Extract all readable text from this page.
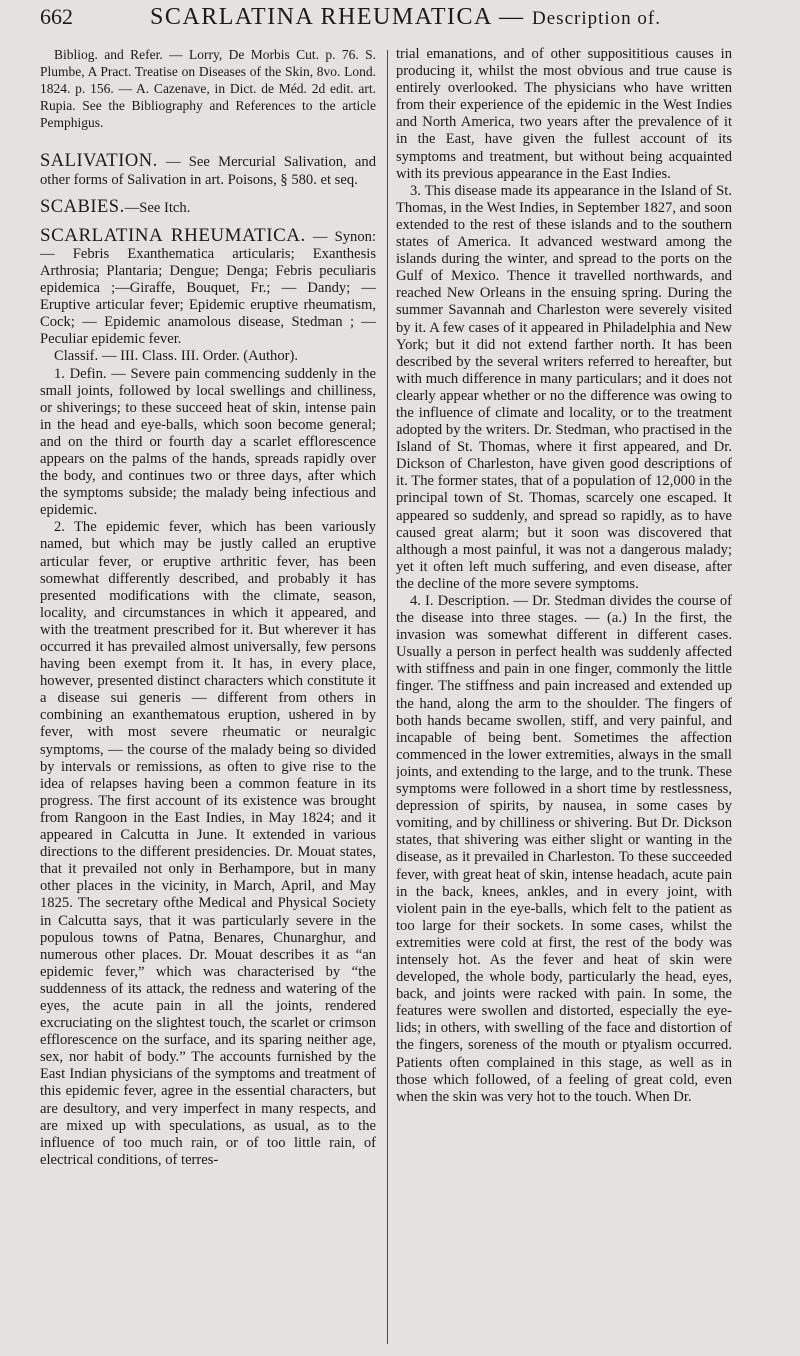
662	SCARLATINA RHEUMATICA — Description of.

Bibliog. and Refer. — Lorry, De Morbis Cut. p. 76. S. Plumbe, A Pract. Treatise on Diseases of the Skin, 8vo. Lond. 1824. p. 156. — A. Cazenave, in Dict. de Méd. 2d edit. art. Rupia. See the Bibliography and References to the article Pemphigus.

SALIVATION. — See Mercurial Salivation, and other forms of Salivation in art. Poisons, § 580. et seq.

SCABIES.—See Itch.

SCARLATINA RHEUMATICA. — Synon: — Febris Exanthematica articularis; Exanthesis Arthrosia; Plantaria; Dengue; Denga; Febris peculiaris epidemica ;—Giraffe, Bouquet, Fr.; — Dandy; — Eruptive articular fever; Epidemic eruptive rheumatism, Cock; — Epidemic anamolous disease, Stedman ; — Peculiar epidemic fever.

Classif. — III. Class. III. Order. (Author).

1. Defin. — Severe pain commencing suddenly in the small joints, followed by local swellings and chilliness, or shiverings; to these succeed heat of skin, intense pain in the head and eye-balls, which soon become general; and on the third or fourth day a scarlet efflorescence appears on the palms of the hands, spreads rapidly over the body, and continues two or three days, after which the symptoms subside; the malady being infectious and epidemic.

2. The epidemic fever, which has been variously named, but which may be justly called an eruptive articular fever, or eruptive arthritic fever, has been somewhat differently described, and probably it has presented modifications with the climate, season, locality, and circumstances in which it appeared, and with the treatment prescribed for it. But wherever it has occurred it has prevailed almost universally, few persons having been exempt from it. It has, in every place, however, presented distinct characters which constitute it a disease sui generis — different from others in combining an exanthematous eruption, ushered in by fever, with most severe rheumatic or neuralgic symptoms, — the course of the malady being so divided by intervals or remissions, as often to give rise to the idea of relapses having been a common feature in its progress. The first account of its existence was brought from Rangoon in the East Indies, in May 1824; and it appeared in Calcutta in June. It extended in various directions to the different presidencies. Dr. Mouat states, that it prevailed not only in Berhampore, but in many other places in the vicinity, in March, April, and May 1825. The secretary ofthe Medical and Physical Society in Calcutta says, that it was particularly severe in the populous towns of Patna, Benares, Chunarghur, and numerous other places. Dr. Mouat describes it as “an epidemic fever,” which was characterised by “the suddenness of its attack, the redness and watering of the eyes, the acute pain in all the joints, rendered excruciating on the slightest touch, the scarlet or crimson efflorescence on the surface, and its sparing neither age, sex, nor habit of body.” The accounts furnished by the East Indian physicians of the symptoms and treatment of this epidemic fever, agree in the essential characters, but are desultory, and very imperfect in many respects, and are mixed up with speculations, as usual, as to the influence of too much rain, or of too little rain, of electrical conditions, of terres-

trial emanations, and of other supposititious causes in producing it, whilst the most obvious and true cause is entirely overlooked. The physicians who have written from their experience of the epidemic in the West Indies and North America, two years after the prevalence of it in the East, have given the fullest account of its symptoms and treatment, but without being acquainted with its previous appearance in the East Indies.

3. This disease made its appearance in the Island of St. Thomas, in the West Indies, in September 1827, and soon extended to the rest of these islands and to the southern states of America. It advanced westward among the islands during the winter, and spread to the ports on the Gulf of Mexico. Thence it travelled northwards, and reached New Orleans in the ensuing spring. During the summer Savannah and Charleston were severely visited by it. A few cases of it appeared in Philadelphia and New York; but it did not extend farther north. It has been described by the several writers referred to hereafter, but with much difference in many particulars; and it does not clearly appear whether or no the difference was owing to the influence of climate and locality, or to the treatment adopted by the writers. Dr. Stedman, who practised in the Island of St. Thomas, where it first appeared, and Dr. Dickson of Charleston, have given good descriptions of it. The former states, that of a population of 12,000 in the principal town of St. Thomas, scarcely one escaped. It appeared so suddenly, and spread so rapidly, as to have caused great alarm; but it soon was discovered that although a most painful, it was not a dangerous malady; yet it often left much suffering, and even disease, after the decline of the more severe symptoms.

4. I. Description. — Dr. Stedman divides the course of the disease into three stages. — (a.) In the first, the invasion was somewhat different in different cases. Usually a person in perfect health was suddenly affected with stiffness and pain in one finger, commonly the little finger. The stiffness and pain increased and extended up the hand, along the arm to the shoulder. The fingers of both hands became swollen, stiff, and very painful, and incapable of being bent. Sometimes the affection commenced in the lower extremities, always in the small joints, and extending to the large, and to the trunk. These symptoms were followed in a short time by restlessness, depression of spirits, by nausea, in some cases by vomiting, and by chilliness or shivering. But Dr. Dickson states, that shivering was either slight or wanting in the disease, as it prevailed in Charleston. To these succeeded fever, with great heat of skin, intense headach, acute pain in the back, knees, ankles, and in every joint, with violent pain in the eye-balls, which felt to the patient as too large for their sockets. In some cases, whilst the extremities were cold at first, the rest of the body was intensely hot. As the fever and heat of skin were developed, the whole body, particularly the head, eyes, back, and joints were racked with pain. In some, the features were swollen and distorted, especially the eye-lids; in others, with swelling of the face and distortion of the fingers, soreness of the mouth or ptyalism occurred. Patients often complained in this stage, as well as in those which followed, of a feeling of great cold, even when the skin was very hot to the touch. When Dr.
